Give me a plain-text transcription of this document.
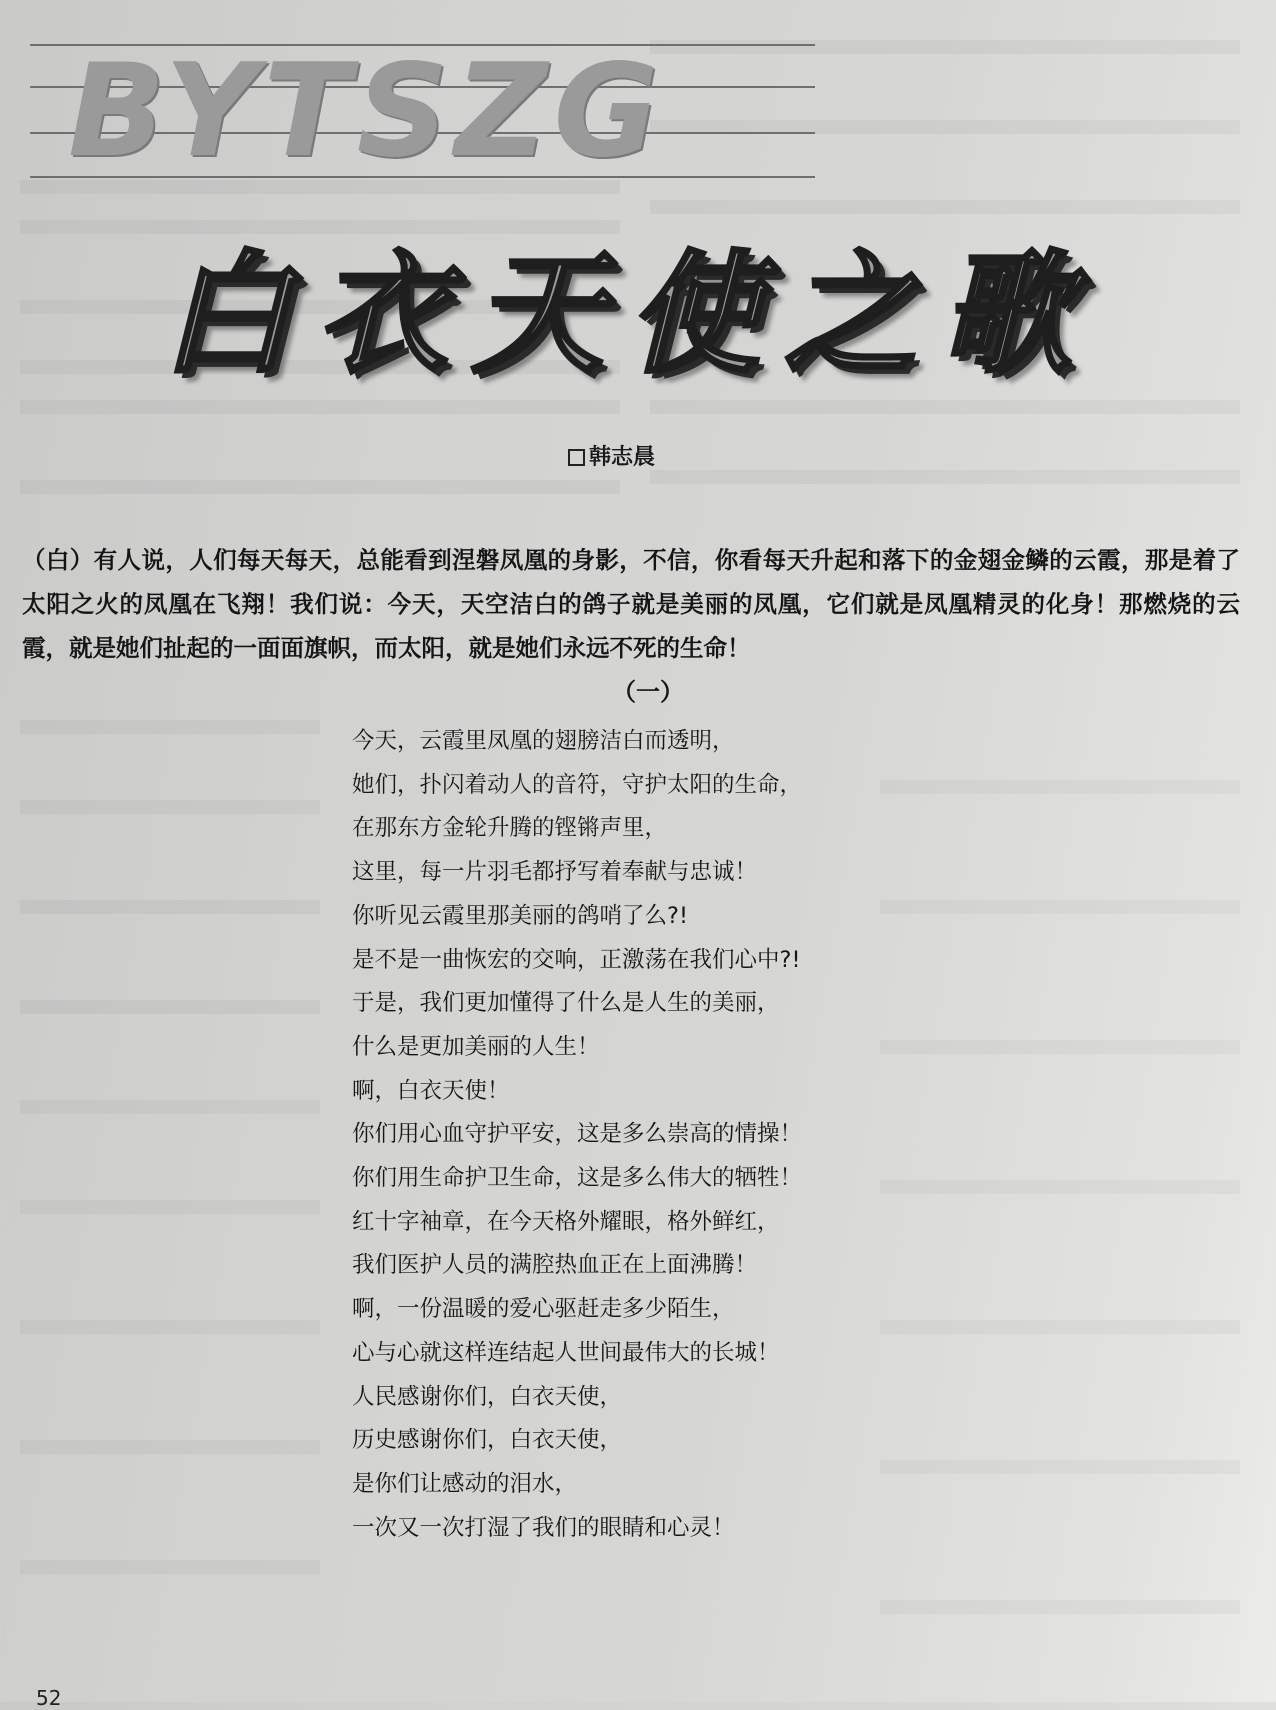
BYTSZG
白衣天使之歌
韩志晨

（白）有人说，人们每天每天，总能看到涅磐凤凰的身影，不信，你看每天升起和落下的金翅金鳞的云霞，那是着了太阳之火的凤凰在飞翔！我们说：今天，天空洁白的鸽子就是美丽的凤凰，它们就是凤凰精灵的化身！那燃烧的云霞，就是她们扯起的一面面旗帜，而太阳，就是她们永远不死的生命！

（一）
今天，云霞里凤凰的翅膀洁白而透明，
她们，扑闪着动人的音符，守护太阳的生命，
在那东方金轮升腾的铿锵声里，
这里，每一片羽毛都抒写着奉献与忠诚！
你听见云霞里那美丽的鸽哨了么?!
是不是一曲恢宏的交响，正激荡在我们心中?!
于是，我们更加懂得了什么是人生的美丽，
什么是更加美丽的人生！
啊，白衣天使！
你们用心血守护平安，这是多么崇高的情操！
你们用生命护卫生命，这是多么伟大的牺牲！
红十字袖章，在今天格外耀眼，格外鲜红，
我们医护人员的满腔热血正在上面沸腾！
啊，一份温暖的爱心驱赶走多少陌生，
心与心就这样连结起人世间最伟大的长城！
人民感谢你们，白衣天使，
历史感谢你们，白衣天使，
是你们让感动的泪水，
一次又一次打湿了我们的眼睛和心灵！
52
